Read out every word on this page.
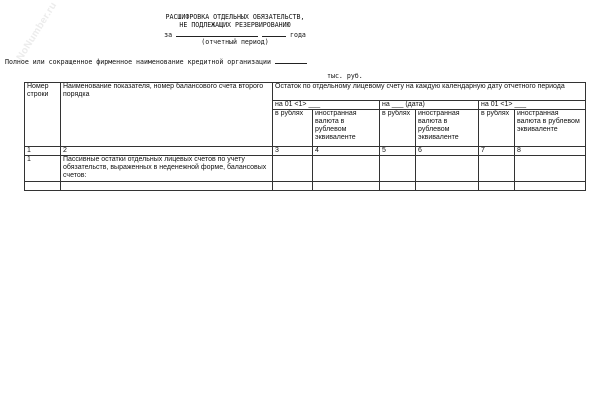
NoNumber.ru	РАСШИФРОВКА ОТДЕЛЬНЫХ ОБЯЗАТЕЛЬСТВ,
НЕ ПОДЛЕЖАЩИХ РЕЗЕРВИРОВАНИЮ
за	года
(отчетный период)
Полное или сокращенное фирменное наименование кредитной организации
тыс. руб.
Номер строки	Наименование показателя, номер балансового счета второго порядка	Остаток по отдельному лицевому счету на каждую календарную дату отчетного периода					
		на 01 <1> ___		на ___ (дата)		на 01 <1> ___	
		в рублях	иностранная валюта в рублевом эквиваленте	в рублях	иностранная валюта в рублевом эквиваленте	в рублях	иностранная валюта в рублевом эквиваленте
1	2	3	4	5	6	7	8
1	Пассивные остатки отдельных лицевых счетов по учету обязательств, выраженных в неденежной форме, балансовых счетов:						
